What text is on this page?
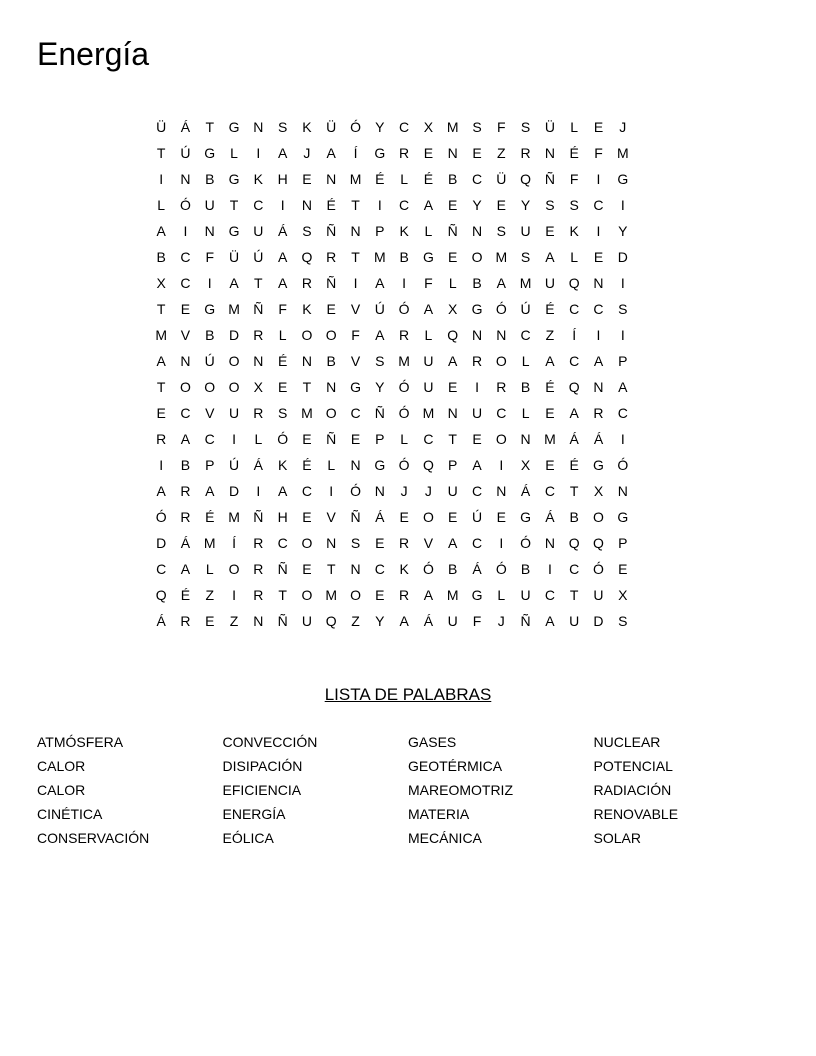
Energía
Ü	Á	T	G N	S	K	Ü Ó	Y	C	X M S	F	S	Ü	L	E	J
T	Ú G	L	I	A	J	A	Í	G R	E	N	E	Z	R	N	É	F	M
I	N	B	G	K	H	E	N M É	L	É	B	C	Ü Q Ñ	F	I	G
L	Ó U	T	C	I	N	É	T	I	C	A	E	Y	E	Y	S	S	C	I
A	I	N G U	Á	S	Ñ	N	P	K	L	Ñ	N	S	U	E	K	I	Y
B	C	F	Ü	Ú	A	Q R	T	M B	G	E	O M S	A	L	E	D
X	C	I	A	T	A	R	Ñ	I	A	I	F	L	B	A M U Q N	I
T	E	G M Ñ	F	K	E	V	Ú Ó	A	X	G Ó Ú	É	C	C	S
M V	B	D	R	L	O O	F	A	R	L	Q N	N	C	Z	Í	I	I
A	N	Ú O N	É	N	B	V	S M U	A	R O	L	A	C	A	P
T	O O O	X	E	T	N G	Y	Ó U	E	I	R	B	É	Q N	A
E	C	V	U	R	S M O C	Ñ Ó M N	U	C	L	E	A	R	C
R	A	C	I	L	Ó	E	Ñ	E	P	L	C	T	E	O N M Á	Á	I
I	B	P	Ú	Á	K	É	L	N G Ó Q	P	A	I	X	E	É	G Ó
A	R	A	D	I	A	C	I	Ó N	J	J	U	C	N	Á	C	T	X	N
Ó R	É M Ñ	H	E	V	Ñ	Á	E	O	E	Ú	E	G	Á	B	O G
D	Á M	Í	R	C O N	S	E	R	V	A	C	I	Ó N Q Q	P
C	A	L	O R	Ñ	E	T	N	C	K	Ó	B	Á	Ó	B	I	C Ó	E
Q	É	Z	I	R	T	O M O	E	R	A M G	L	U	C	T	U	X
Á	R	E	Z	N	Ñ	U Q	Z	Y	A	Á	U	F	J	Ñ	A	U	D	S
LISTA DE PALABRAS
ATMÓSFERA	CONVECCIÓN	GASES	NUCLEAR
CALOR	DISIPACIÓN	GEOTÉRMICA	POTENCIAL
CALOR	EFICIENCIA	MAREOMOTRIZ	RADIACIÓN
CINÉTICA	ENERGÍA	MATERIA	RENOVABLE
CONSERVACIÓN	EÓLICA	MECÁNICA	SOLAR
